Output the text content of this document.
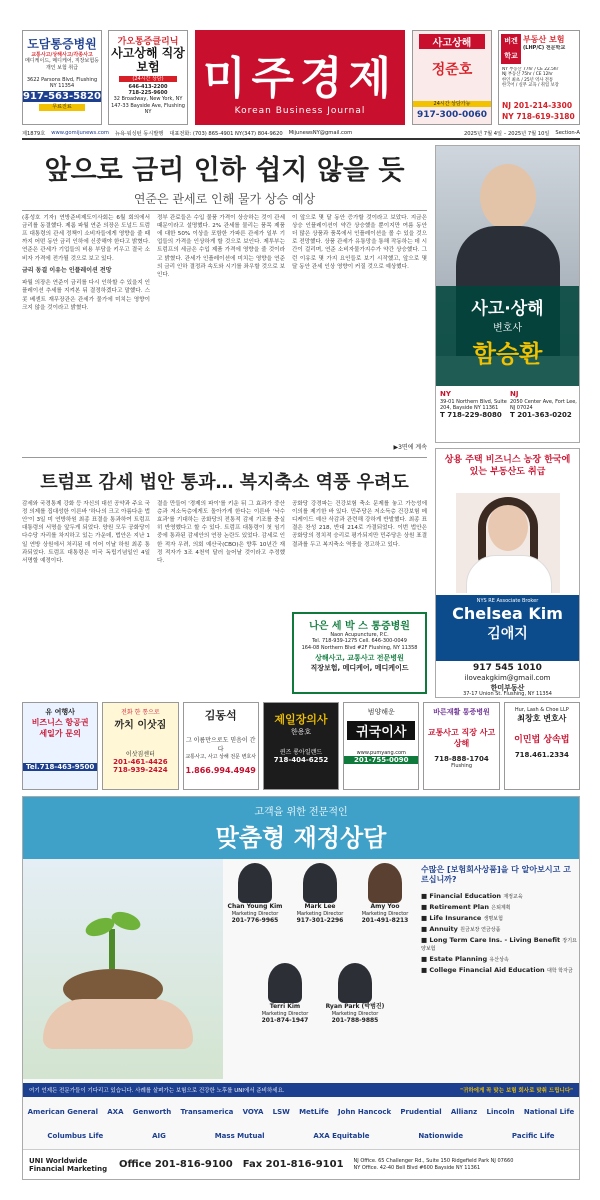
도담통증병원
교통사고/상해사고/각종사고
메디케이드, 메디케어, 직장보험등
개인 보험 취급
3622 Parsons Blvd, Flushing NY 11354
917-563-5820
무료진료
가오통증클리닉
사고상해 직장보험
(24시간 상담)
646-413-2200
718-225-9600
32 Broadway, New York, NY
147-33 Bayside Ave, Flushing NY
미주경제
Korean Business Journal
사고상해
정준호
24시간 상담가능
917-300-0060
버겐
학교
부동산 보험
(LHP/C) 전문학교
NY 부동산 77hr / CE 22.5hr
NJ 부동산 75hr / CE 12hr
한인 최초 / 25년 역사 전통
한국어 / 실무 교육 / 취업 보장
NJ 201-214-3300
NY 718-619-3180
제1879호 www.gomijunews.com 뉴욕·워싱턴 동시발행 대표전화: (703) 865-4901 NY(347) 804-9620 MijunewsNY@gmail.com	2025년 7월 4일 – 2025년 7월 10일 Section-A
앞으로 금리 인하 쉽지 않을 듯
연준은 관세로 인해 물가 상승 예상
(홍성호 기자) 연방준비제도이사회는 6월 회의에서 금리를 동결했다. 제롬 파월 연준 의장은 도널드 트럼프 대통령의 관세 정책이 소비자들에게 영향을 줄 때까지 어떤 동안 금리 인하에 신중해야 한다고 밝혔다. 연준은 관세가 기업들의 비용 부담을 키우고 결국 소비자 가격에 전가될 것으로 보고 있다.
금리 동결 이유는 인플레이션 전망
파월 의장은 연준이 금리를 다시 인하할 수 있을지 인플레이션 추세를 지켜본 뒤 결정하겠다고 말했다. 스콧 베센트 재무장관은 관세가 물가에 미치는 영향이 크지 않을 것이라고 밝혔다.
정부 관료들은 수입 물품 가격이 상승하는 것이 관세 때문이라고 설명했다. 2% 관세를 물리는 품목 제품에 대한 50% 이상을 포함한 가파른 관세가 일부 기업들의 가격을 인상하게 할 것으로 보인다. 제투부는 트럼프의 세금은 수입 제품 가격에 영향을 줄 것이라고 밝혔다. 관세가 인플레이션에 미치는 영향을 연준의 금리 인하 결정과 속도와 시기를 좌우할 것으로 보인다.
이 앞으로 몇 달 동안 증가할 것이라고 보았다. 지금은 상승 인플레이션이 약간 상승했을 뿐이지만 여름 동안 더 많은 상품과 품목에서 인플레이션을 볼 수 있을 것으로 전망했다. 상품 관세가 유통망을 통해 작동하는 데 시간이 걸리며, 연준 소비자물가지수가 약간 상승했다. 그런 이유로 몇 가지 요인들로 보기 시작했고, 앞으로 몇 달 동안 관세 인상 영향이 커질 것으로 예상했다.
▶3면에 계속
사고·상해
변호사
함승환
NY
39-01 Northern Blvd, Suite 204, Bayside NY 11361
T 718-229-8080
NJ
2050 Center Ave, Fort Lee, NJ 07024
T 201-363-0202
트럼프 감세 법안 통과… 복지축소 역풍 우려도
감세와 국경통제 강화 등 자신의 대선 공약과 주요 국정 의제를 집대성한 이른바 '하나의 크고 아름다운 법안'이 3일 미 연방하원 최종 표결을 통과하여 트럼프 대통령의 서명을 앞두게 되었다. 양원 모두 공화당이 다수당 자리를 차지하고 있는 가운데, 법안은 지난 1일 연방 상원에서 처리된 데 이어 이날 하원 최종 통과되었다. 트럼프 대통령은 미국 독립기념일인 4일 서명할 예정이다.
결을 만들어 '경제의 파이'를 키운 뒤 그 효과가 중산층과 저소득층에게도 돌아가게 한다는 이른바 '낙수 효과'를 기대하는 공화당의 전통적 감세 기조를 충실히 반영했다고 할 수 있다. 트럼프 대통령이 첫 임기 중에 통과된 감세안의 연장 논란도 있었다. 감세로 인한 적자 우려, 의회 예산국(CBO)은 향후 10년간 재정 적자가 3조 4천억 달러 늘어날 것이라고 추정했다.
공화당 강경파는 건강보험 축소 문제를 놓고 가능성에 이의를 제기한 바 있다. 민주당은 저소득층 건강보험 메디케이드 예산 삭감과 관련해 강하게 반발했다. 최종 표결은 찬성 218, 반대 214로 가결되었다. 이번 법안은 공화당의 정치적 승리로 평가되지만 민주당은 상원 표결 결과를 두고 복지축소 역풍을 경고하고 있다.
나은 세 박 스 통증병원
Naon Acupuncture, P.C.
Tel. 718-939-1275 Cell. 646-300-0049
164-08 Northern Blvd #2F Flushing, NY 11358
상해사고, 교통사고 전문병원
직장보험, 메디케어, 메디케이드
상용 주택 비즈니스 농장 한국에 있는 부동산도 취급
NYS RE Associate Broker
Chelsea Kim
김애지
917 545 1010
iloveakgkim@gmail.com
한미부동산
37-17 Union St. Flushing, NY 11354
유 여행사
비즈니스 항공권
세일가 문의
Tel.718-463-9500
전화 한 통으로
까치 이삿짐
이삿짐센터
201-461-4426 718-939-2424
김동석
그 이름만으로도 믿음이 간다
교통사고, 사고 상해 전문 변호사
1.866.994.4949
제일장의사
한용호
퀸즈 롱아일랜드
718-404-6252
범양해운
귀국이사
www.pumyang.com
201-755-0090
바른재활 통증병원
교통사고 직장 사고 상해
718-888-1704
Flushing
Hur, Lash & Choe LLP
최창호 변호사
이민법 상속법
718.461.2334
고객을 위한 전문적인
맞춤형 재정상담
Chan Young Kim
Marketing Director
201-776-9965
Mark Lee
Marketing Director
917-301-2296
Amy Yoo
Marketing Director
201-491-8213
Terri Kim
Marketing Director
201-874-1947
Ryan Park (박범진)
Marketing Director
201-788-9885
수많은 [보험회사상품]을 다 알아보시고 고르십니까?
■ Financial Education 재정교육
■ Retirement Plan 은퇴계획
■ Life Insurance 생명보험
■ Annuity 원금보장 연금상품
■ Long Term Care Ins. - Living Benefit 장기요양보험
■ Estate Planning 유산상속
■ College Financial Aid Education 대학 학자금
여기 언제든 전문가들이 기다리고 있습니다. 사례를 살펴가는 보험으로 건강한 노후를 UNI에서 준비하세요.	"귀하에게 꼭 맞는 보험 회사로 맞춰 드립니다"
American General AXA Genworth Transamerica VOYA LSW MetLife John Hancock Prudential Allianz Lincoln National Life
Columbus Life	AIG	Mass Mutual	AXA Equitable	Nationwide	Pacific Life
UNI Worldwide Financial Marketing Office 201-816-9100 Fax 201-816-9101 NJ Office. 65 Challenger Rd., Suite 150 Ridgefield Park NJ 07660
NY Office. 42-40 Bell Blvd #600 Bayside NY 11361
